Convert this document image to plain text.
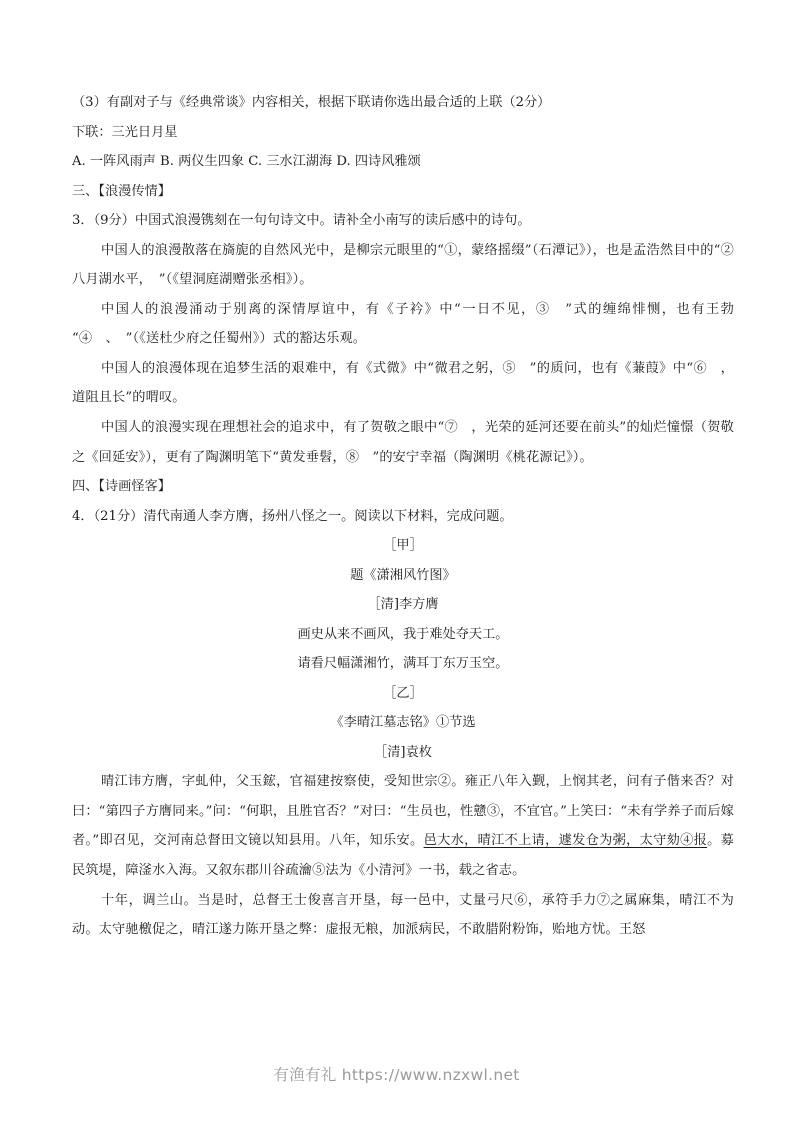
（3）有副对子与《经典常谈》内容相关，根据下联请你选出最合适的上联（2分）
下联：三光日月星
A. 一阵风雨声 B. 两仪生四象 C. 三水江湖海 D. 四诗风雅颂
三、【浪漫传情】
3．（9分）中国式浪漫镌刻在一句句诗文中。请补全小南写的读后感中的诗句。

中国人的浪漫散落在旖旎的自然风光中，是柳宗元眼里的“①，蒙络摇缀”（石潭记》），也是孟浩然目中的“②八月湖水平，　”（《望洞庭湖赠张丞相》）。

中国人的浪漫涌动于别离的深情厚谊中，有《子衿》中“一日不见，③　”式的缠绵悱恻，也有王勃“④　、　”（《送杜少府之任蜀州》）式的豁达乐观。

中国人的浪漫体现在追梦生活的艰难中，有《式微》中“微君之躬，⑤　”的质问，也有《蒹葭》中“⑥　，道阻且长”的喟叹。

中国人的浪漫实现在理想社会的追求中，有了贺敬之眼中“⑦　，光荣的延河还要在前头”的灿烂憧憬（贺敬之《回延安》），更有了陶渊明笔下“黄发垂髫，⑧　”的安宁幸福（陶渊明《桃花源记》）。

四、【诗画怪客】
4．（21分）清代南通人李方膺，扬州八怪之一。阅读以下材料，完成问题。
［甲］
题《潇湘风竹图》
［清]李方膺
画史从来不画风，我于难处夺天工。
请看尺幅潇湘竹，满耳丁东万玉空。
［乙］
《李晴江墓志铭》①节选
［清]袁枚

晴江讳方膺，字虬仲，父玉鋐，官福建按察使，受知世宗②。雍正八年入觐，上悯其老，问有子偕来否？对曰：“第四子方膺同来。”问：“何职，且胜官否？”对曰：“生员也，性戆③，不宜官。”上笑曰：“未有学养子而后嫁者。”即召见，交河南总督田文镜以知县用。八年，知乐安。邑大水，晴江不上请，遽发仓为粥，太守劾④报。募民筑堤，障滏水入海。又叙东郡川谷疏瀹⑤法为《小清河》一书，载之省志。

十年，调兰山。当是时，总督王士俊喜言开垦，每一邑中，丈量弓尺⑥，承符手力⑦之属麻集，晴江不为动。太守驰檄促之，晴江遂力陈开垦之弊：虚报无粮，加派病民，不敢腊附粉饰，贻地方忧。王怒

有渔有礼 https://www.nzxwl.net
